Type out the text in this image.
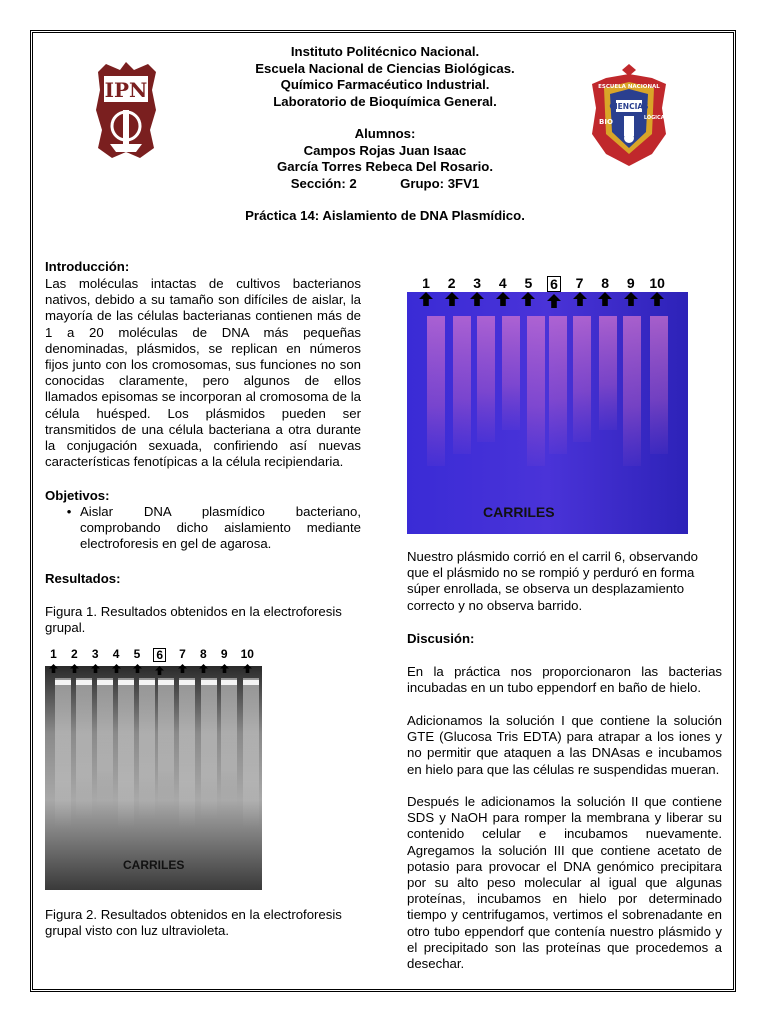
IPN
CIENCIAS
ESCUELA NACIONAL
BIO	LÓGICAS
Instituto Politécnico Nacional.
Escuela Nacional de Ciencias Biológicas.
Químico Farmacéutico Industrial.
Laboratorio de Bioquímica General.
Alumnos:
Campos Rojas Juan Isaac
García Torres Rebeca Del Rosario.
Sección: 2	Grupo: 3FV1
Práctica 14: Aislamiento de DNA Plasmídico.
Introducción:
Las moléculas intactas de cultivos bacterianos nativos, debido a su tamaño son difíciles de aislar, la mayoría de las células bacterianas contienen más de 1 a 20 moléculas de DNA más pequeñas denominadas, plásmidos, se replican en números fijos junto con los cromosomas, sus funciones no son conocidas claramente, pero algunos de ellos llamados episomas se incorporan al cromosoma de la célula huésped. Los plásmidos pueden ser transmitidos de una célula bacteriana a otra durante la conjugación sexuada, confiriendo así nuevas características fenotípicas a la célula recipiendaria.
Objetivos:
• Aislar DNA plasmídico bacteriano, comprobando dicho aislamiento mediante electroforesis en gel de agarosa.
Resultados:
Figura 1. Resultados obtenidos en la electroforesis grupal.
1 2 3 4 5 6 7 8 9 10
CARRILES
Figura 2. Resultados obtenidos en la electroforesis grupal visto con luz ultravioleta.
1 2 3 4 5 6 7 8 9 10
CARRILES
Nuestro plásmido corrió en el carril 6, observando que el plásmido no se rompió y perduró en forma súper enrollada, se observa un desplazamiento correcto y no observa barrido.
Discusión:
En la práctica nos proporcionaron las bacterias incubadas en un tubo eppendorf en baño de hielo.
Adicionamos la solución I que contiene la solución GTE (Glucosa Tris EDTA) para atrapar a los iones y no permitir que ataquen a las DNAsas e incubamos en hielo para que las células re suspendidas mueran.
Después le adicionamos la solución II que contiene SDS y NaOH para romper la membrana y liberar su contenido celular e incubamos nuevamente. Agregamos la solución III que contiene acetato de potasio para provocar el DNA genómico precipitara por su alto peso molecular al igual que algunas proteínas, incubamos en hielo por determinado tiempo y centrifugamos, vertimos el sobrenadante en otro tubo eppendorf que contenía nuestro plásmido y el precipitado son las proteínas que procedemos a desechar.
